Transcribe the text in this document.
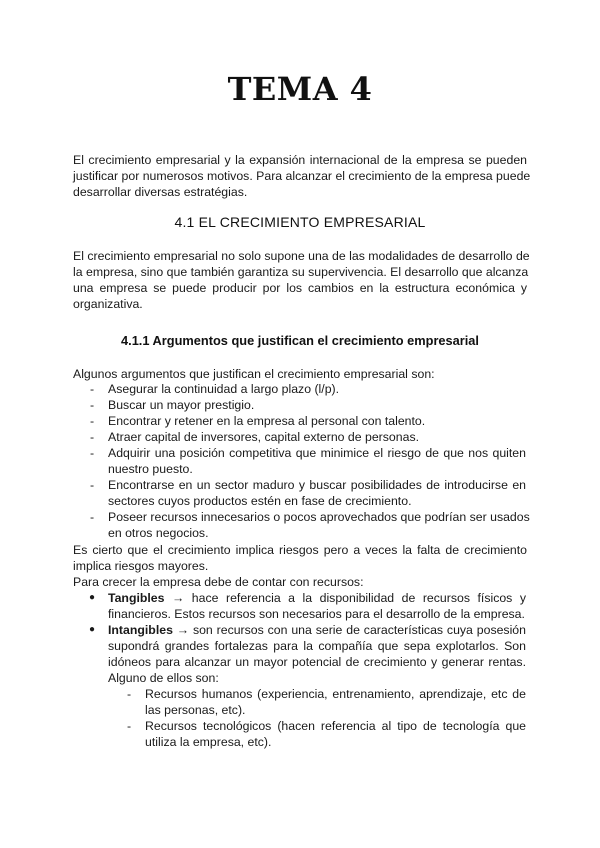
TEMA 4
El crecimiento empresarial y la expansión internacional de la empresa se pueden
justificar por numerosos motivos. Para alcanzar el crecimiento de la empresa puede
desarrollar diversas estratégias.
4.1 EL CRECIMIENTO EMPRESARIAL
El crecimiento empresarial no solo supone una de las modalidades de desarrollo de
la empresa, sino que también garantiza su supervivencia. El desarrollo que alcanza
una empresa se puede producir por los cambios en la estructura económica y
organizativa.
4.1.1 Argumentos que justifican el crecimiento empresarial
Algunos argumentos que justifican el crecimiento empresarial son:
- Asegurar la continuidad a largo plazo (l/p).
- Buscar un mayor prestigio.
- Encontrar y retener en la empresa al personal con talento.
- Atraer capital de inversores, capital externo de personas.
- Adquirir una posición competitiva que minimice el riesgo de que nos quiten
nuestro puesto.
- Encontrarse en un sector maduro y buscar posibilidades de introducirse en
sectores cuyos productos estén en fase de crecimiento.
- Poseer recursos innecesarios o pocos aprovechados que podrían ser usados
en otros negocios.
Es cierto que el crecimiento implica riesgos pero a veces la falta de crecimiento
implica riesgos mayores.
Para crecer la empresa debe de contar con recursos:
● Tangibles → hace referencia a la disponibilidad de recursos físicos y
financieros. Estos recursos son necesarios para el desarrollo de la empresa.
● Intangibles → son recursos con una serie de características cuya posesión
supondrá grandes fortalezas para la compañía que sepa explotarlos. Son
idóneos para alcanzar un mayor potencial de crecimiento y generar rentas.
Alguno de ellos son:
- Recursos humanos (experiencia, entrenamiento, aprendizaje, etc de
las personas, etc).
- Recursos tecnológicos (hacen referencia al tipo de tecnología que
utiliza la empresa, etc).
